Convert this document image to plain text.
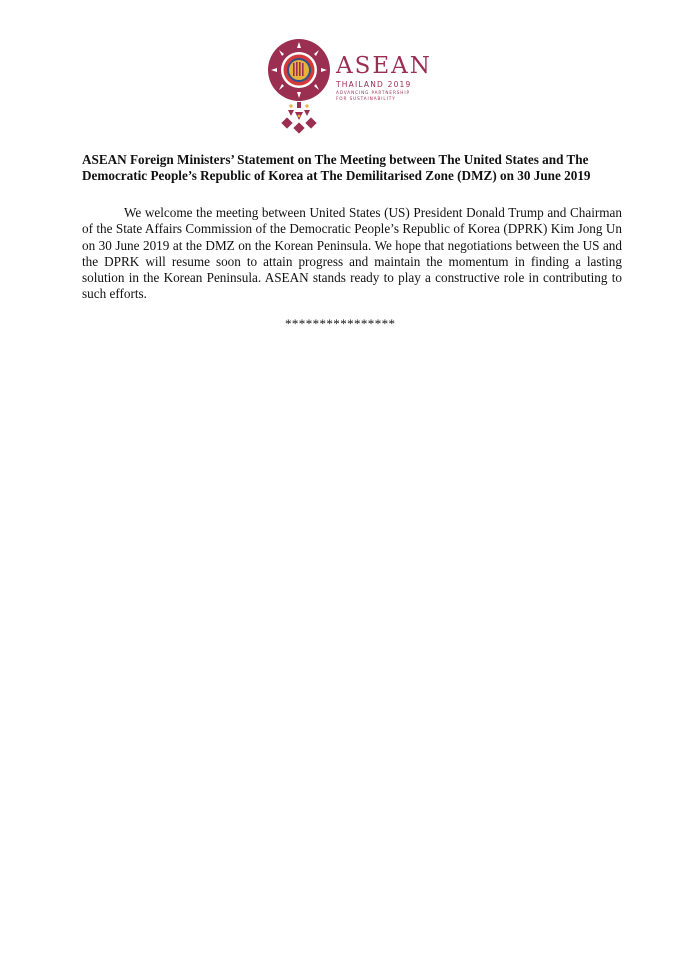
ASEAN
THAILAND 2019
ADVANCING PARTNERSHIP
FOR SUSTAINABILITY

ASEAN Foreign Ministers’ Statement on The Meeting between The United States and The Democratic People’s Republic of Korea at The Demilitarised Zone (DMZ) on 30 June 2019

We welcome the meeting between United States (US) President Donald Trump and Chairman of the State Affairs Commission of the Democratic People’s Republic of Korea (DPRK) Kim Jong Un on 30 June 2019 at the DMZ on the Korean Peninsula. We hope that negotiations between the US and the DPRK will resume soon to attain progress and maintain the momentum in finding a lasting solution in the Korean Peninsula. ASEAN stands ready to play a constructive role in contributing to such efforts.

****************
